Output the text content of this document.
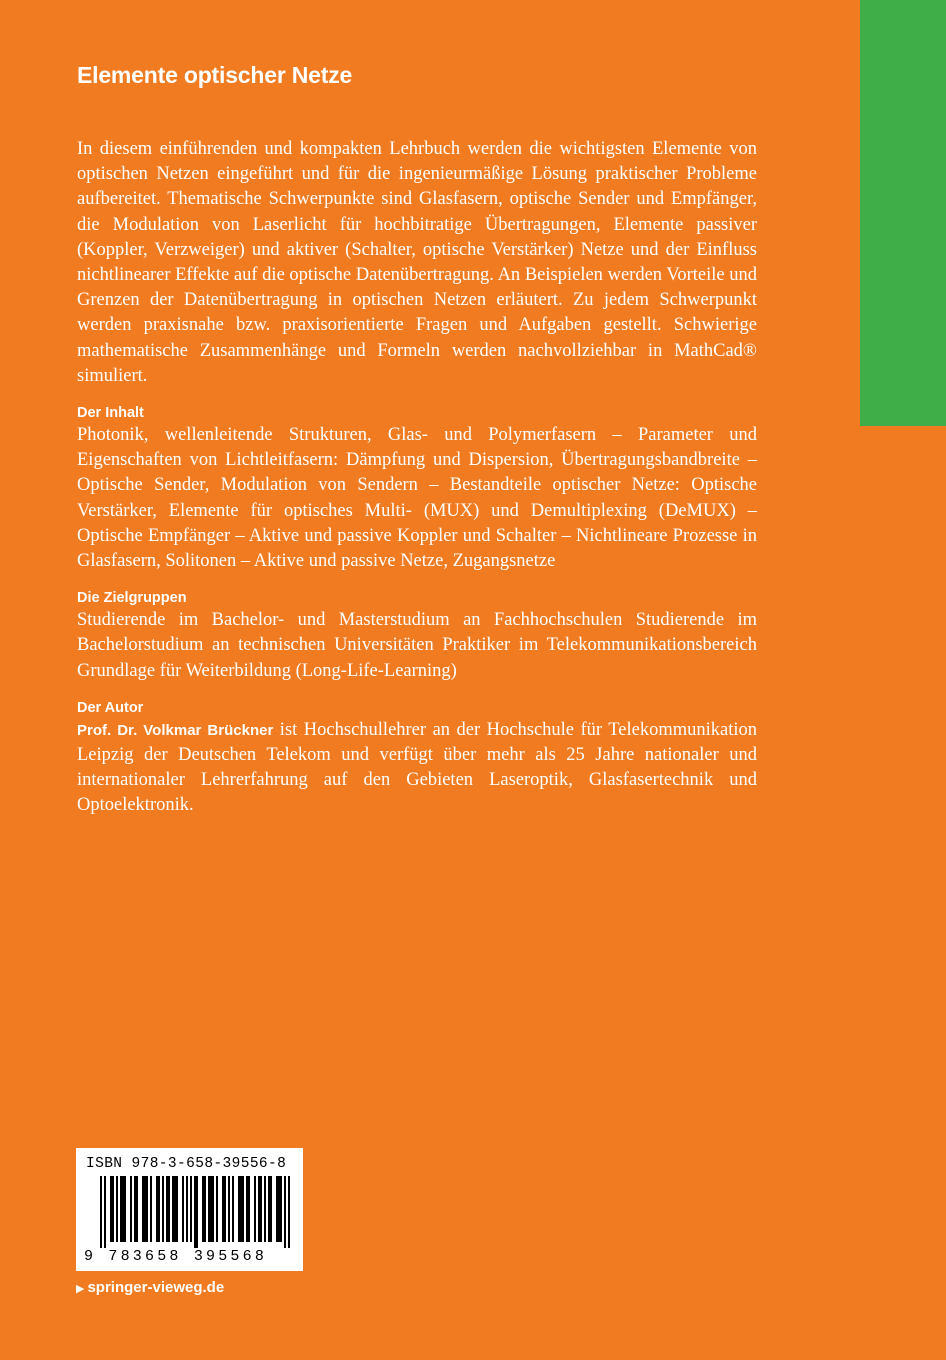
Elemente optischer Netze

In diesem einführenden und kompakten Lehrbuch werden die wichtigsten Elemente von optischen Netzen eingeführt und für die ingenieurmäßige Lösung praktischer Probleme aufbereitet. Thematische Schwerpunkte sind Glasfasern, optische Sender und Empfänger, die Modulation von Laserlicht für hochbitratige Übertragungen, Elemente passiver (Koppler, Verzweiger) und aktiver (Schalter, optische Verstärker) Netze und der Einfluss nichtlinearer Effekte auf die optische Datenübertragung. An Beispielen werden Vorteile und Grenzen der Datenübertragung in optischen Netzen erläutert. Zu jedem Schwerpunkt werden praxisnahe bzw. praxisorientierte Fragen und Aufgaben gestellt. Schwierige mathematische Zusammenhänge und Formeln werden nachvollziehbar in MathCad® simuliert.

Der Inhalt

Photonik, wellenleitende Strukturen, Glas- und Polymerfasern – Parameter und Eigenschaften von Lichtleitfasern: Dämpfung und Dispersion, Übertragungsbandbreite – Optische Sender, Modulation von Sendern – Bestandteile optischer Netze: Optische Verstärker, Elemente für optisches Multi- (MUX) und Demultiplexing (DeMUX) – Optische Empfänger – Aktive und passive Koppler und Schalter – Nichtlineare Prozesse in Glasfasern, Solitonen – Aktive und passive Netze, Zugangsnetze

Die Zielgruppen

Studierende im Bachelor- und Masterstudium an Fachhochschulen Studierende im Bachelorstudium an technischen Universitäten Praktiker im Telekommunikationsbereich Grundlage für Weiterbildung (Long-Life-Learning)

Der Autor

Prof. Dr. Volkmar Brückner ist Hochschullehrer an der Hochschule für Telekommunikation Leipzig der Deutschen Telekom und verfügt über mehr als 25 Jahre nationaler und internationaler Lehrerfahrung auf den Gebieten Laseroptik, Glasfasertechnik und Optoelektronik.

ISBN 978-3-658-39556-8
9 783658 395568
▶ springer-vieweg.de
